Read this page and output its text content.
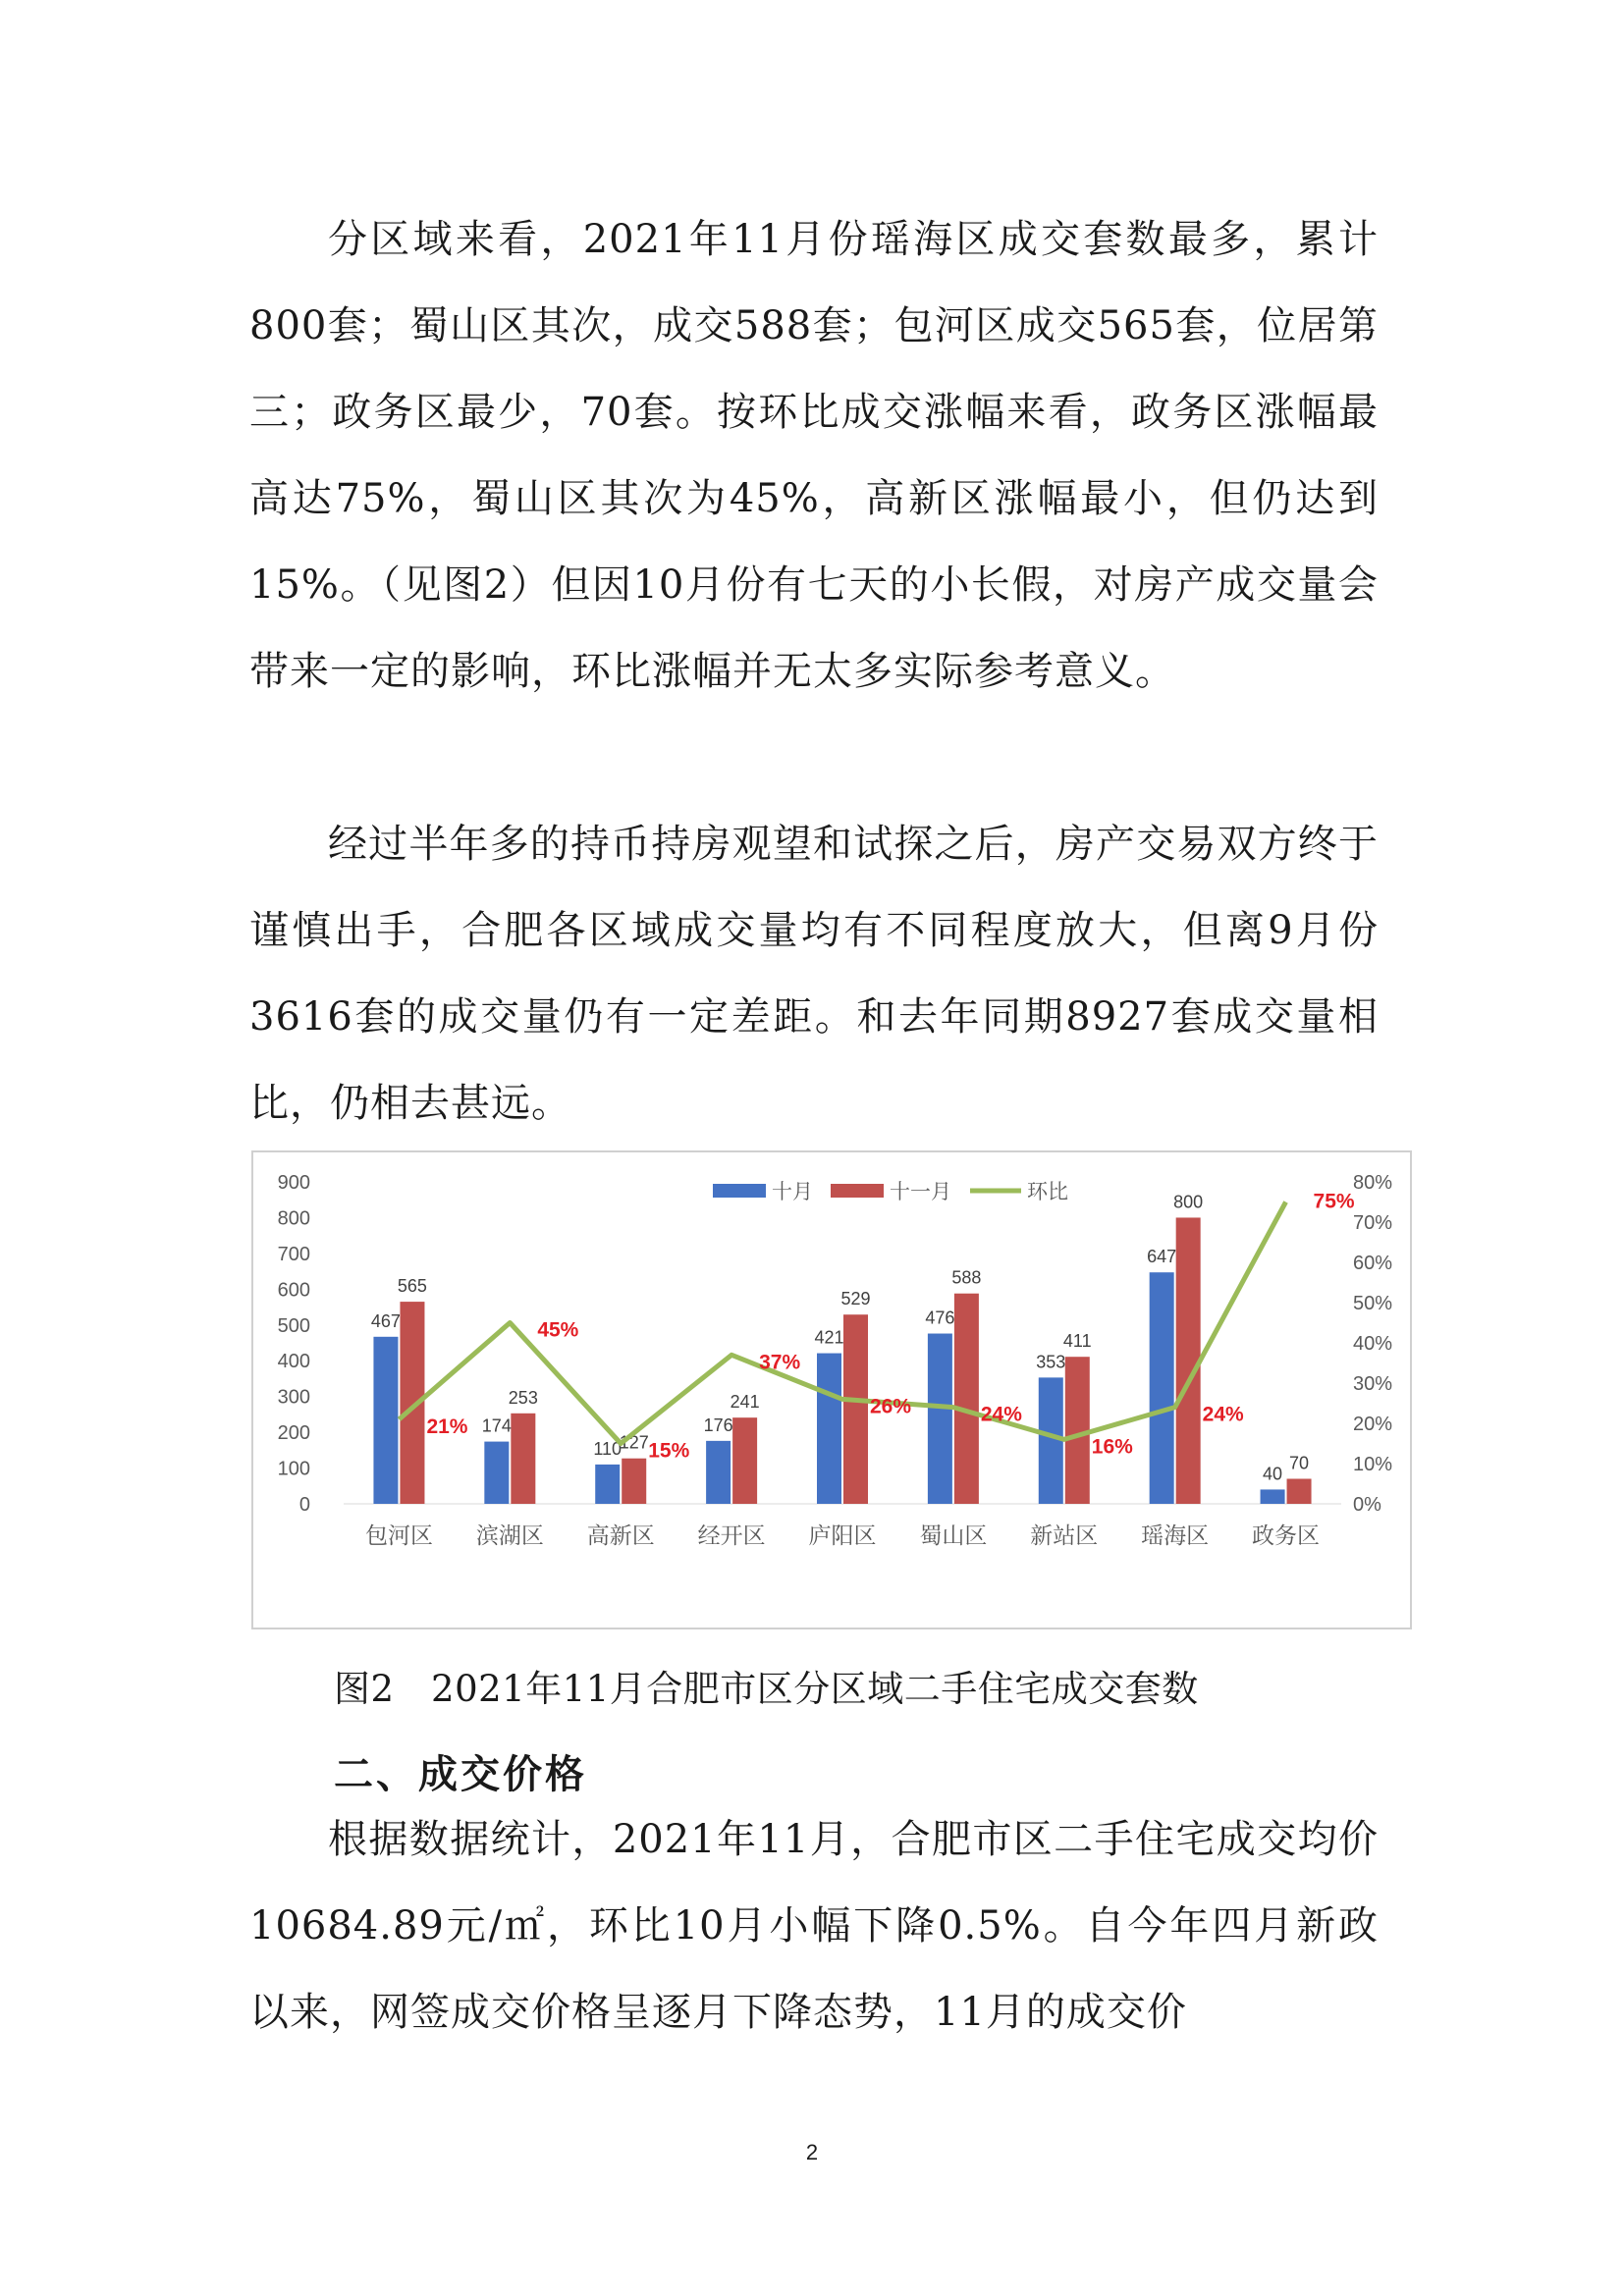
分区域来看，2021年11月份瑶海区成交套数最多，累计800套；蜀山区其次，成交588套；包河区成交565套，位居第三；政务区最少，70套。按环比成交涨幅来看，政务区涨幅最高达75%，蜀山区其次为45%，高新区涨幅最小，但仍达到15%。（见图2）但因10月份有七天的小长假，对房产成交量会带来一定的影响，环比涨幅并无太多实际参考意义。

经过半年多的持币持房观望和试探之后，房产交易双方终于谨慎出手，合肥各区域成交量均有不同程度放大，但离9月份3616套的成交量仍有一定差距。和去年同期8927套成交量相比，仍相去甚远。

0
100
200
300
400
500
600
700
800
900
0%
10%
20%
30%
40%
50%
60%
70%
80%
467
565
包河区
174
253
滨湖区
110
127
高新区
176
241
经开区
421
529
庐阳区
476
588
蜀山区
353
411
新站区
647
800
瑶海区
40
70
政务区
21%
45%
15%
37%
26%	24%
16%
24%
75%
十月	十一月	环比

图2　2021年11月合肥市区分区域二手住宅成交套数

二、成交价格

根据数据统计，2021年11月，合肥市区二手住宅成交均价10684.89元/㎡，环比10月小幅下降0.5%。自今年四月新政以来，网签成交价格呈逐月下降态势，11月的成交价

2
